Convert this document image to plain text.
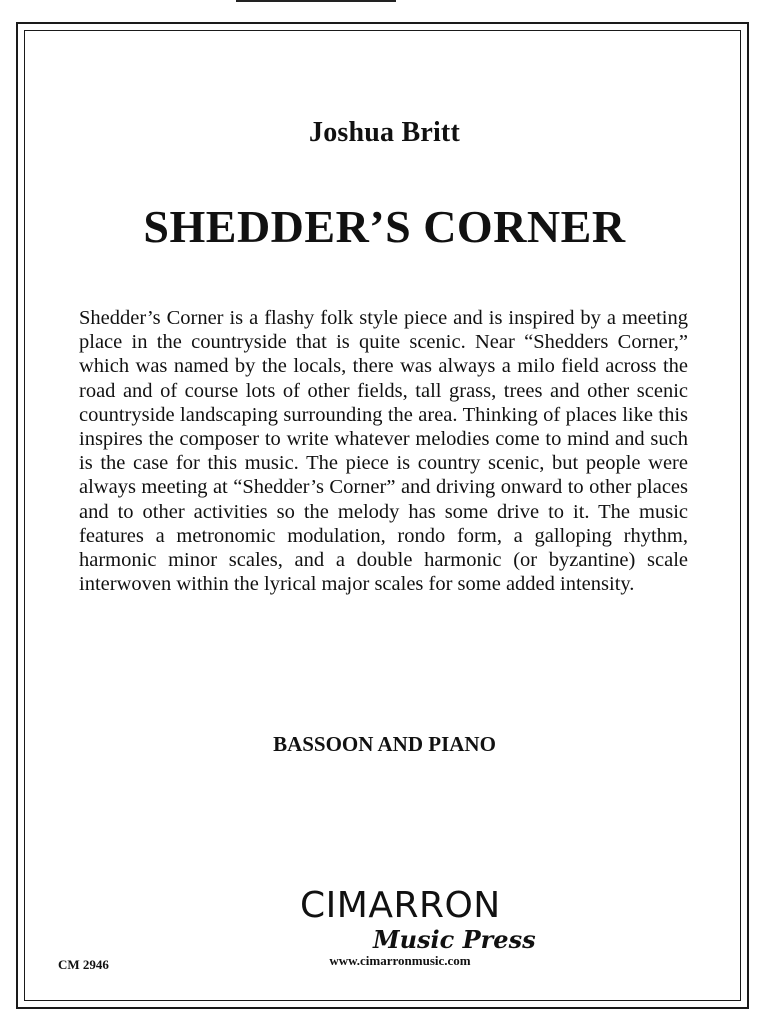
Joshua Britt
SHEDDER’S CORNER

Shedder’s Corner is a flashy folk style piece and is inspired by a meeting place in the countryside that is quite scenic. Near “Shedders Corner,” which was named by the locals, there was always a milo field across the road and of course lots of other fields, tall grass, trees and other scenic countryside landscaping surrounding the area. Thinking of places like this inspires the composer to write whatever melodies come to mind and such is the case for this music. The piece is country scenic, but people were always meeting at “Shedder’s Corner” and driving onward to other places and to other activities so the melody has some drive to it. The music features a metronomic modulation, rondo form, a galloping rhythm, harmonic minor scales, and a double harmonic (or byzantine) scale interwoven within the lyrical major scales for some added intensity.

BASSOON AND PIANO
CIMARRON
Music Press
www.cimarronmusic.com
CM 2946
